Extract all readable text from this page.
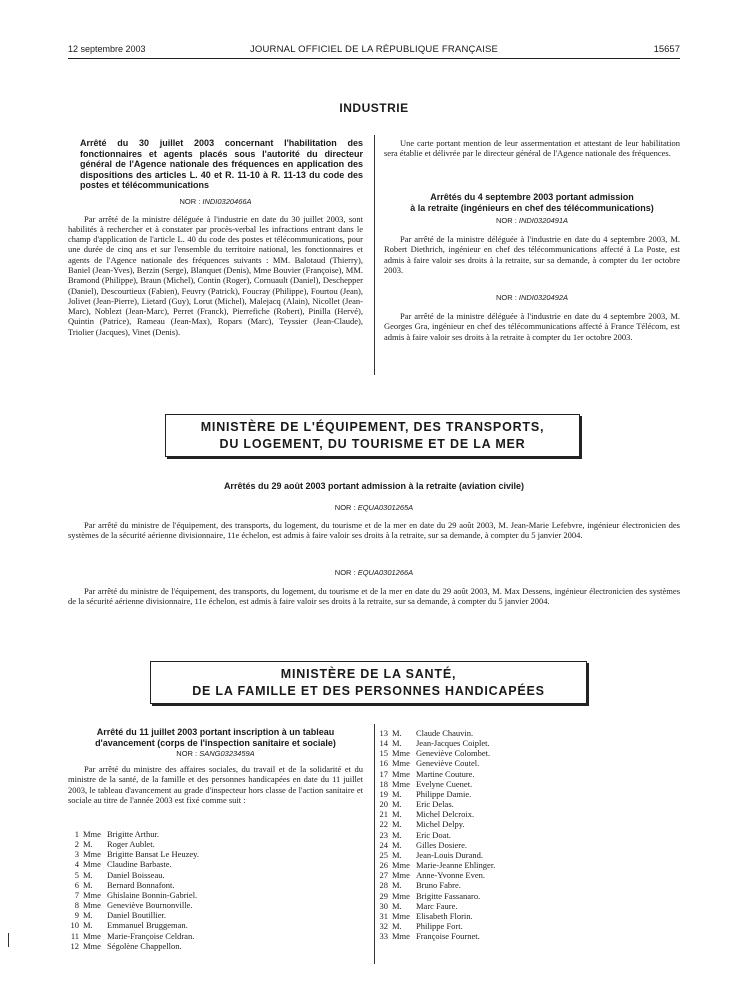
12 septembre 2003	JOURNAL OFFICIEL DE LA RÉPUBLIQUE FRANÇAISE	15657
INDUSTRIE
Arrêté du 30 juillet 2003 concernant l'habilitation des fonctionnaires et agents placés sous l'autorité du directeur général de l'Agence nationale des fréquences en application des dispositions des articles L. 40 et R. 11-10 à R. 11-13 du code des postes et télécommunications
NOR : INDI0320466A

Par arrêté de la ministre déléguée à l'industrie en date du 30 juillet 2003, sont habilités à rechercher et à constater par procès-verbal les infractions entrant dans le champ d'application de l'article L. 40 du code des postes et télécommunications, pour une durée de cinq ans et sur l'ensemble du territoire national, les fonctionnaires et agents de l'Agence nationale des fréquences suivants : MM. Balotaud (Thierry), Baniel (Jean-Yves), Berzin (Serge), Blanquet (Denis), Mme Bouvier (Françoise), MM. Bramond (Philippe), Braun (Michel), Contin (Roger), Cornuault (Daniel), Deschepper (Daniel), Descourtieux (Fabien), Feuvry (Patrick), Foucray (Philippe), Fourtou (Jean), Jolivet (Jean-Pierre), Lietard (Guy), Lorut (Michel), Malejacq (Alain), Nicollet (Jean-Marc), Noblezt (Jean-Marc), Perret (Franck), Pierrefiche (Robert), Pinilla (Hervé), Quintin (Patrice), Rameau (Jean-Max), Ropars (Marc), Teyssier (Jean-Claude), Triolier (Jacques), Vinet (Denis).

Une carte portant mention de leur assermentation et attestant de leur habilitation sera établie et délivrée par le directeur général de l'Agence nationale des fréquences.

Arrêtés du 4 septembre 2003 portant admission
à la retraite (ingénieurs en chef des télécommunications)
NOR : INDI0320491A

Par arrêté de la ministre déléguée à l'industrie en date du 4 septembre 2003, M. Robert Diethrich, ingénieur en chef des télécommunications affecté à La Poste, est admis à faire valoir ses droits à la retraite, sur sa demande, à compter du 1er octobre 2003.

NOR : INDI0320492A

Par arrêté de la ministre déléguée à l'industrie en date du 4 septembre 2003, M. Georges Gra, ingénieur en chef des télécommunications affecté à France Télécom, est admis à faire valoir ses droits à la retraite à compter du 1er octobre 2003.

MINISTÈRE DE L'ÉQUIPEMENT, DES TRANSPORTS,
DU LOGEMENT, DU TOURISME ET DE LA MER
Arrêtés du 29 août 2003 portant admission à la retraite (aviation civile)
NOR : EQUA0301265A

Par arrêté du ministre de l'équipement, des transports, du logement, du tourisme et de la mer en date du 29 août 2003, M. Jean-Marie Lefebvre, ingénieur électronicien des systèmes de la sécurité aérienne divisionnaire, 11e échelon, est admis à faire valoir ses droits à la retraite, sur sa demande, à compter du 5 janvier 2004.

NOR : EQUA0301266A

Par arrêté du ministre de l'équipement, des transports, du logement, du tourisme et de la mer en date du 29 août 2003, M. Max Dessens, ingénieur électronicien des systèmes de la sécurité aérienne divisionnaire, 11e échelon, est admis à faire valoir ses droits à la retraite, sur sa demande, à compter du 5 janvier 2004.

MINISTÈRE DE LA SANTÉ,
DE LA FAMILLE ET DES PERSONNES HANDICAPÉES
Arrêté du 11 juillet 2003 portant inscription à un tableau
d'avancement (corps de l'inspection sanitaire et sociale)
NOR : SANG0323459A

Par arrêté du ministre des affaires sociales, du travail et de la solidarité et du ministre de la santé, de la famille et des personnes handicapées en date du 11 juillet 2003, le tableau d'avancement au grade d'inspecteur hors classe de l'action sanitaire et sociale au titre de l'année 2003 est fixé comme suit :

1 Mme Brigitte Arthur.
2 M.	Roger Aublet.
3 Mme Brigitte Bansat Le Heuzey.
4 Mme Claudine Barbaste.
5 M.	Daniel Boisseau.
6 M.	Bernard Bonnafont.
7 Mme Ghislaine Bonnin-Gabriel.
8 Mme Geneviève Bournonville.
9 M.	Daniel Boutillier.
10 M.	Emmanuel Bruggeman.
11 Mme Marie-Françoise Celdran.
12 Mme Ségolène Chappellon.
13 M.	Claude Chauvin.
14 M.	Jean-Jacques Coiplet.
15 Mme Geneviève Colombet.
16 Mme Geneviève Coutel.
17 Mme Martine Couture.
18 Mme Evelyne Cuenet.
19 M.	Philippe Damie.
20 M.	Eric Delas.
21 M.	Michel Delcroix.
22 M.	Michel Delpy.
23 M.	Eric Doat.
24 M.	Gilles Dosiere.
25 M.	Jean-Louis Durand.
26 Mme Marie-Jeanne Ehlinger.
27 Mme Anne-Yvonne Even.
28 M.	Bruno Fabre.
29 Mme Brigitte Fassanaro.
30 M.	Marc Faure.
31 Mme Elisabeth Florin.
32 M.	Philippe Fort.
33 Mme Françoise Fournet.
